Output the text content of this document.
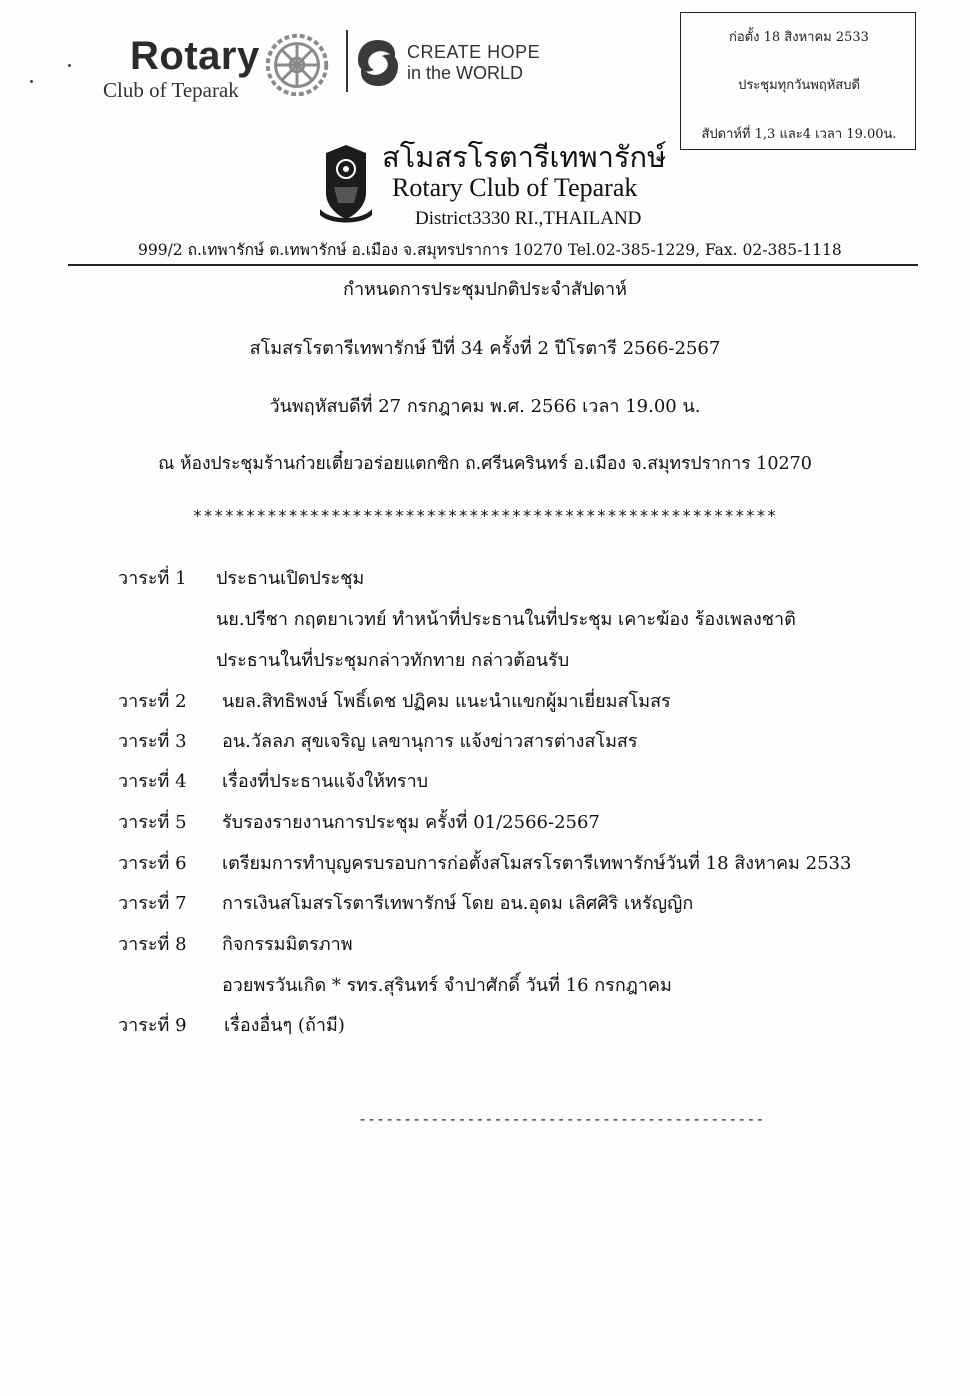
Rotary
Club of Teparak
CREATE HOPE
in the WORLD
ก่อตั้ง 18 สิงหาคม 2533
ประชุมทุกวันพฤหัสบดี
สัปดาห์ที่ 1,3 และ4 เวลา 19.00น.
สโมสรโรตารีเทพารักษ์
Rotary Club of Teparak
District3330 RI.,THAILAND
999/2 ถ.เทพารักษ์ ต.เทพารักษ์ อ.เมือง จ.สมุทรปราการ 10270 Tel.02-385-1229, Fax. 02-385-1118
กำหนดการประชุมปกติประจำสัปดาห์
สโมสรโรตารีเทพารักษ์ ปีที่ 34 ครั้งที่ 2 ปีโรตารี 2566-2567
วันพฤหัสบดีที่ 27 กรกฎาคม พ.ศ. 2566 เวลา 19.00 น.
ณ ห้องประชุมร้านก๋วยเตี๋ยวอร่อยแตกซิก ถ.ศรีนครินทร์ อ.เมือง จ.สมุทรปราการ 10270
*******************************************************
วาระที่ 1 ประธานเปิดประชุม
นย.ปรีชา กฤตยาเวทย์ ทำหน้าที่ประธานในที่ประชุม เคาะฆ้อง ร้องเพลงชาติ
ประธานในที่ประชุมกล่าวทักทาย กล่าวต้อนรับ
วาระที่ 2 นยล.สิทธิพงษ์ โพธิ์เดช ปฏิคม แนะนำแขกผู้มาเยี่ยมสโมสร
วาระที่ 3 อน.วัลลภ สุขเจริญ เลขานุการ แจ้งข่าวสารต่างสโมสร
วาระที่ 4 เรื่องที่ประธานแจ้งให้ทราบ
วาระที่ 5 รับรองรายงานการประชุม ครั้งที่ 01/2566-2567
วาระที่ 6 เตรียมการทำบุญครบรอบการก่อตั้งสโมสรโรตารีเทพารักษ์วันที่ 18 สิงหาคม 2533
วาระที่ 7 การเงินสโมสรโรตารีเทพารักษ์ โดย อน.อุดม เลิศศิริ เหรัญญิก
วาระที่ 8 กิจกรรมมิตรภาพ
อวยพรวันเกิด * รทร.สุรินทร์ จำปาศักดิ์ วันที่ 16 กรกฎาคม
วาระที่ 9 เรื่องอื่นๆ (ถ้ามี)
---------------------------------------------
